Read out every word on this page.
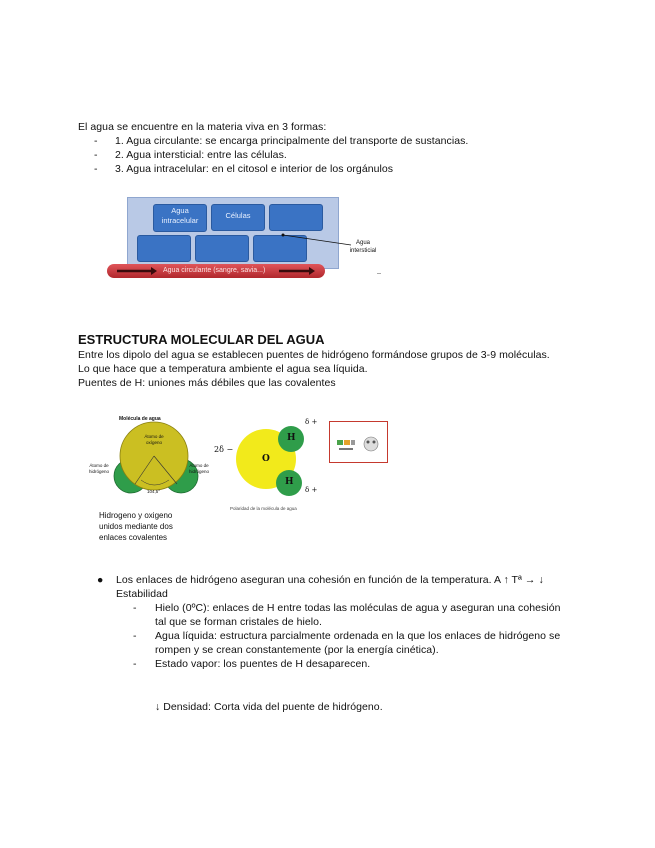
El agua se encuentre en la materia viva en 3 formas:
- 1. Agua circulante: se encarga principalmente del transporte de sustancias.
- 2. Agua intersticial: entre las células.
- 3. Agua intracelular: en el citosol e interior de los orgánulos
Agua intracelular
Células
Agua intersticial
Agua circulante (sangre, savia...)
ESTRUCTURA MOLECULAR DEL AGUA
Entre los dipolo del agua se establecen puentes de hidrógeno formándose grupos de 3-9 moléculas.
Lo que hace que a temperatura ambiente el agua sea líquida.
Puentes de H: uniones más débiles que las covalentes
Molécula de agua
Átomo de oxígeno
Átomo de hidrógeno
Átomo de hidrógeno
104,5°
Hidrogeno y oxigeno
unidos mediante dos
enlaces covalentes
2δ −
δ +
δ +
O
H
H
Polaridad de la molécula de agua
● Los enlaces de hidrógeno aseguran una cohesión en función de la temperatura. A ↑ Tª → ↓
Estabilidad
- Hielo (0ºC): enlaces de H entre todas las moléculas de agua y aseguran una cohesión
tal que se forman cristales de hielo.
- Agua líquida: estructura parcialmente ordenada en la que los enlaces de hidrógeno se
rompen y se crean constantemente (por la energía cinética).
- Estado vapor: los puentes de H desaparecen.
↓ Densidad: Corta vida del puente de hidrógeno.
